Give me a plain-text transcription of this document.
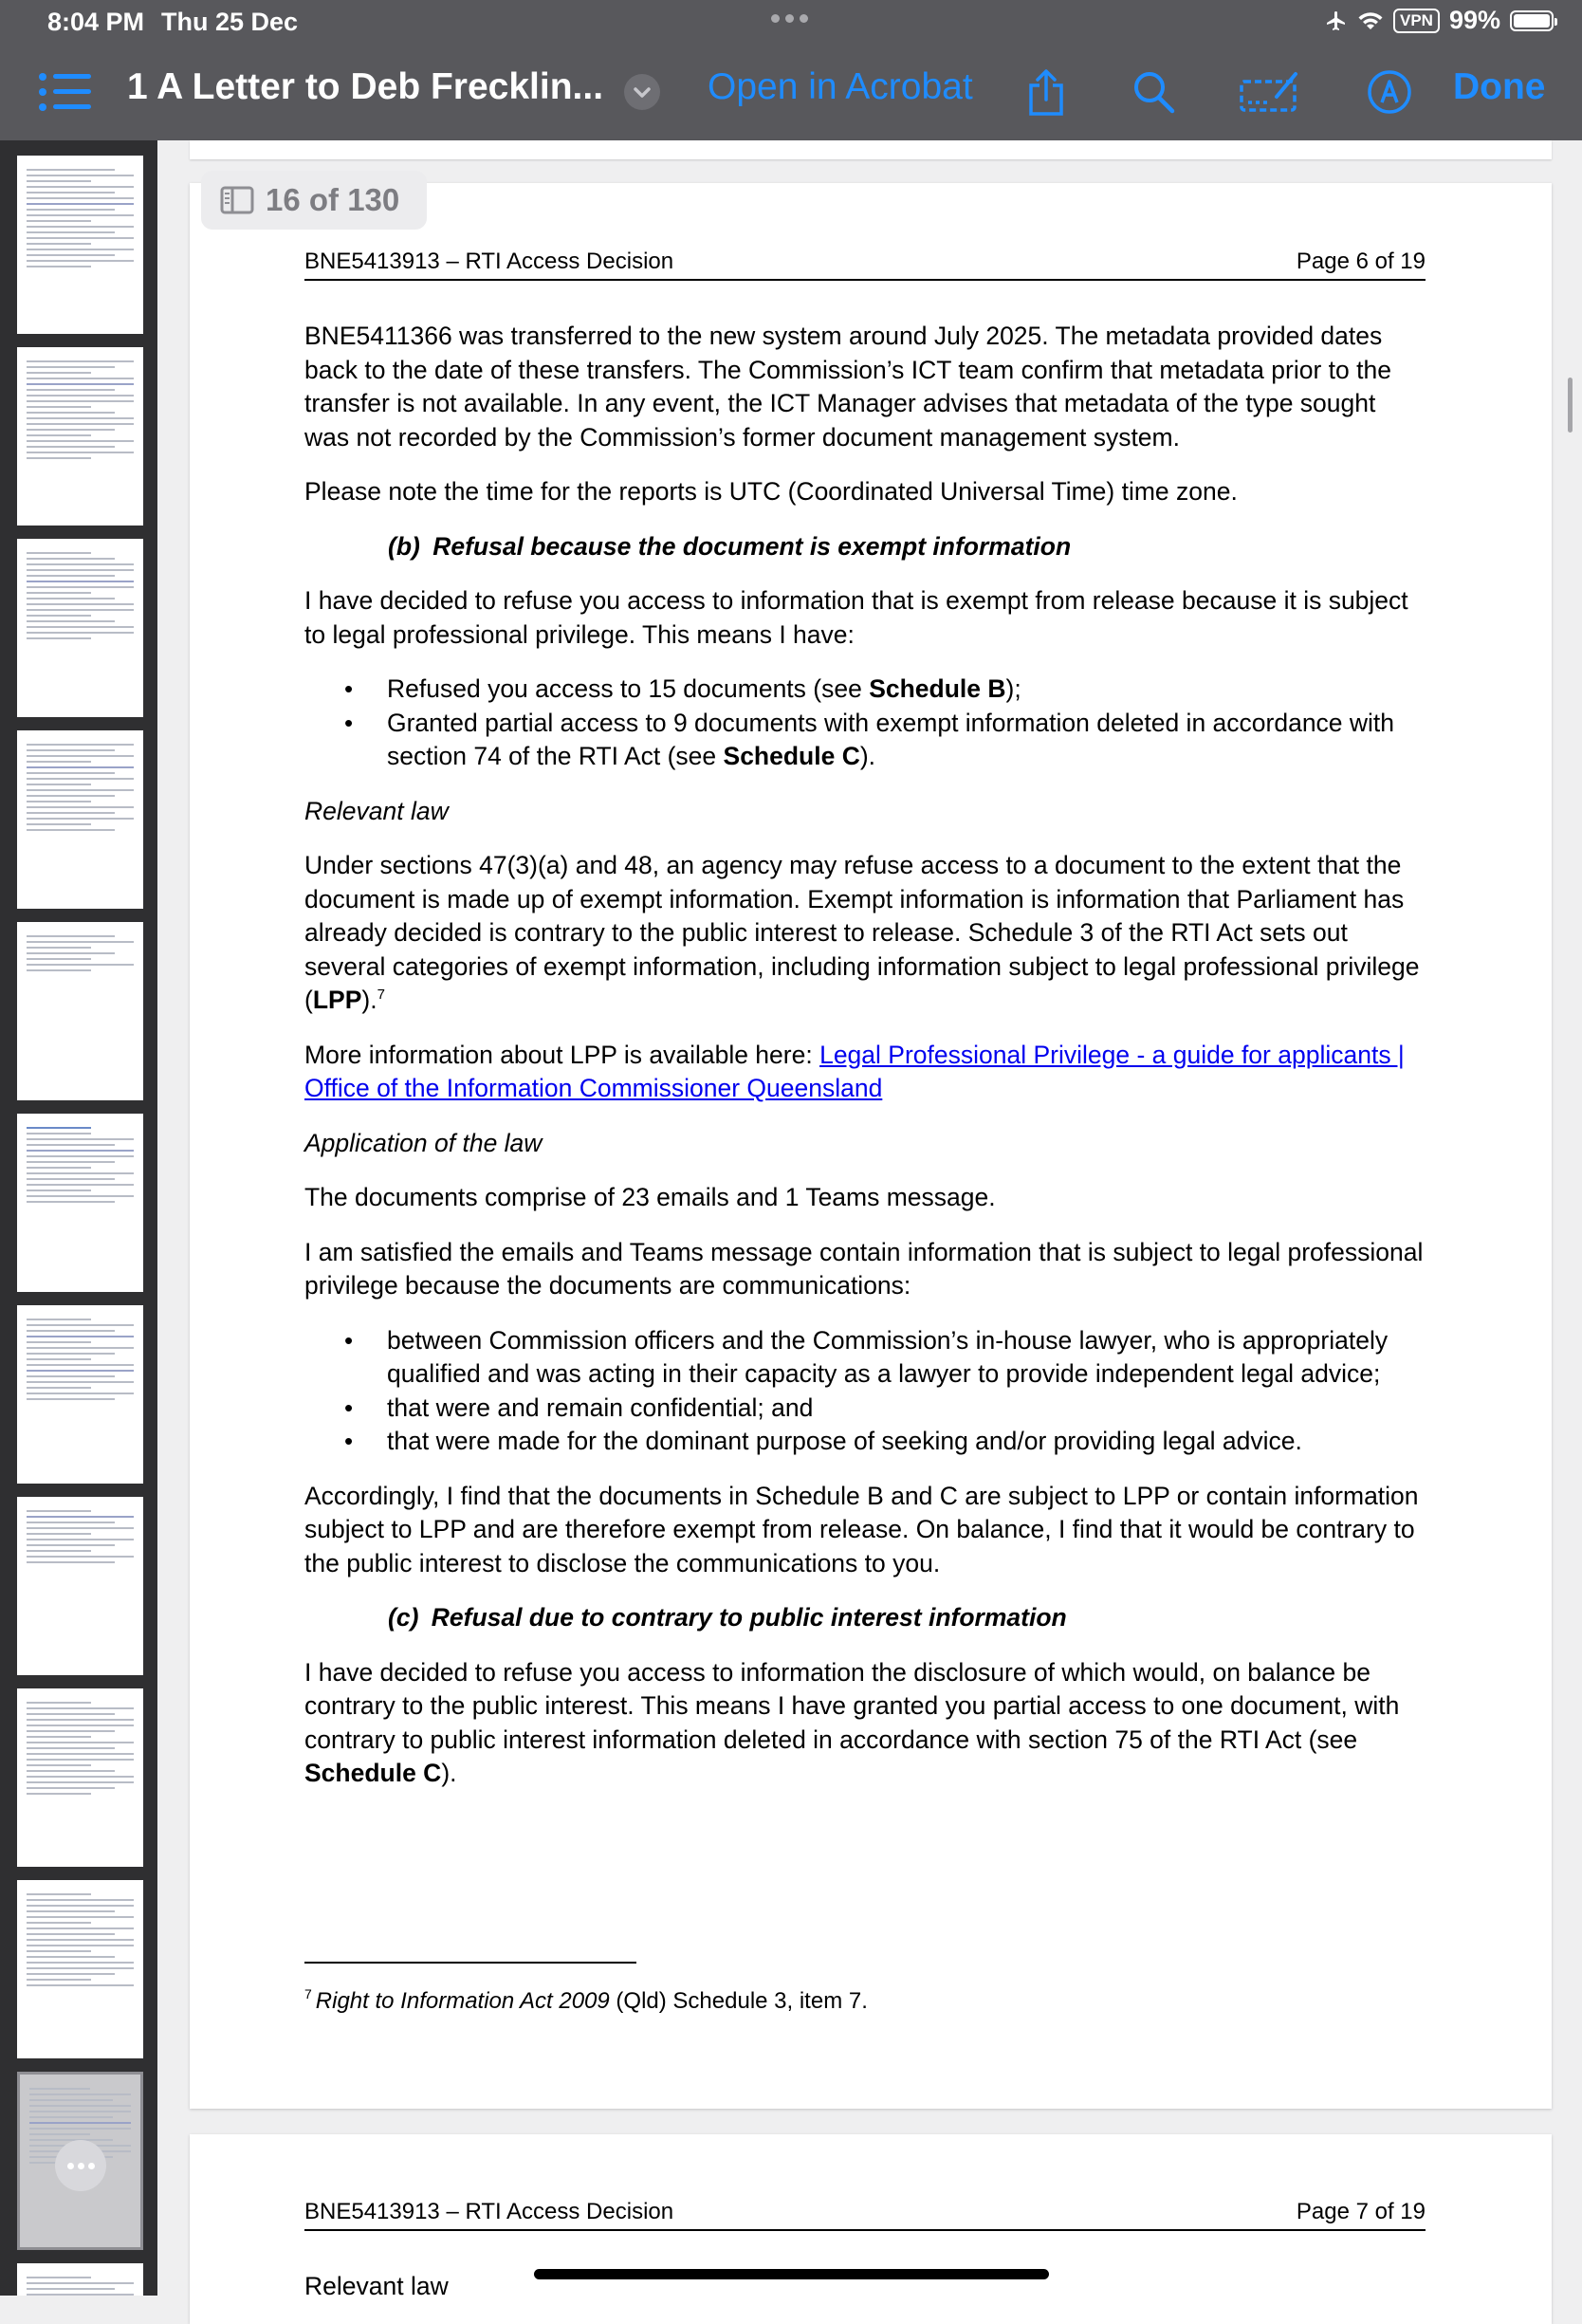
8:04 PM Thu 25 Dec	VPN 99%
1 A Letter to Deb Frecklin...	Open in Acrobat	Done
16 of 130
BNE5413913 – RTI Access Decision	Page 6 of 19

BNE5411366 was transferred to the new system around July 2025. The metadata provided dates back to the date of these transfers. The Commission’s ICT team confirm that metadata prior to the transfer is not available. In any event, the ICT Manager advises that metadata of the type sought was not recorded by the Commission’s former document management system.

Please note the time for the reports is UTC (Coordinated Universal Time) time zone.

(b) Refusal because the document is exempt information

I have decided to refuse you access to information that is exempt from release because it is subject to legal professional privilege. This means I have:

• Refused you access to 15 documents (see Schedule B);
• Granted partial access to 9 documents with exempt information deleted in accordance with section 74 of the RTI Act (see Schedule C).

Relevant law

Under sections 47(3)(a) and 48, an agency may refuse access to a document to the extent that the document is made up of exempt information. Exempt information is information that Parliament has already decided is contrary to the public interest to release. Schedule 3 of the RTI Act sets out several categories of exempt information, including information subject to legal professional privilege (LPP).$^7$

More information about LPP is available here: Legal Professional Privilege - a guide for applicants | Office of the Information Commissioner Queensland

Application of the law

The documents comprise of 23 emails and 1 Teams message.

I am satisfied the emails and Teams message contain information that is subject to legal professional privilege because the documents are communications:

• between Commission officers and the Commission’s in-house lawyer, who is appropriately qualified and was acting in their capacity as a lawyer to provide independent legal advice;
• that were and remain confidential; and
• that were made for the dominant purpose of seeking and/or providing legal advice.

Accordingly, I find that the documents in Schedule B and C are subject to LPP or contain information subject to LPP and are therefore exempt from release. On balance, I find that it would be contrary to the public interest to disclose the communications to you.

(c) Refusal due to contrary to public interest information

I have decided to refuse you access to information the disclosure of which would, on balance be contrary to the public interest. This means I have granted you partial access to one document, with contrary to public interest information deleted in accordance with section 75 of the RTI Act (see Schedule C).

$^7$ Right to Information Act 2009 (Qld) Schedule 3, item 7.
BNE5413913 – RTI Access Decision	Page 7 of 19
Relevant law
